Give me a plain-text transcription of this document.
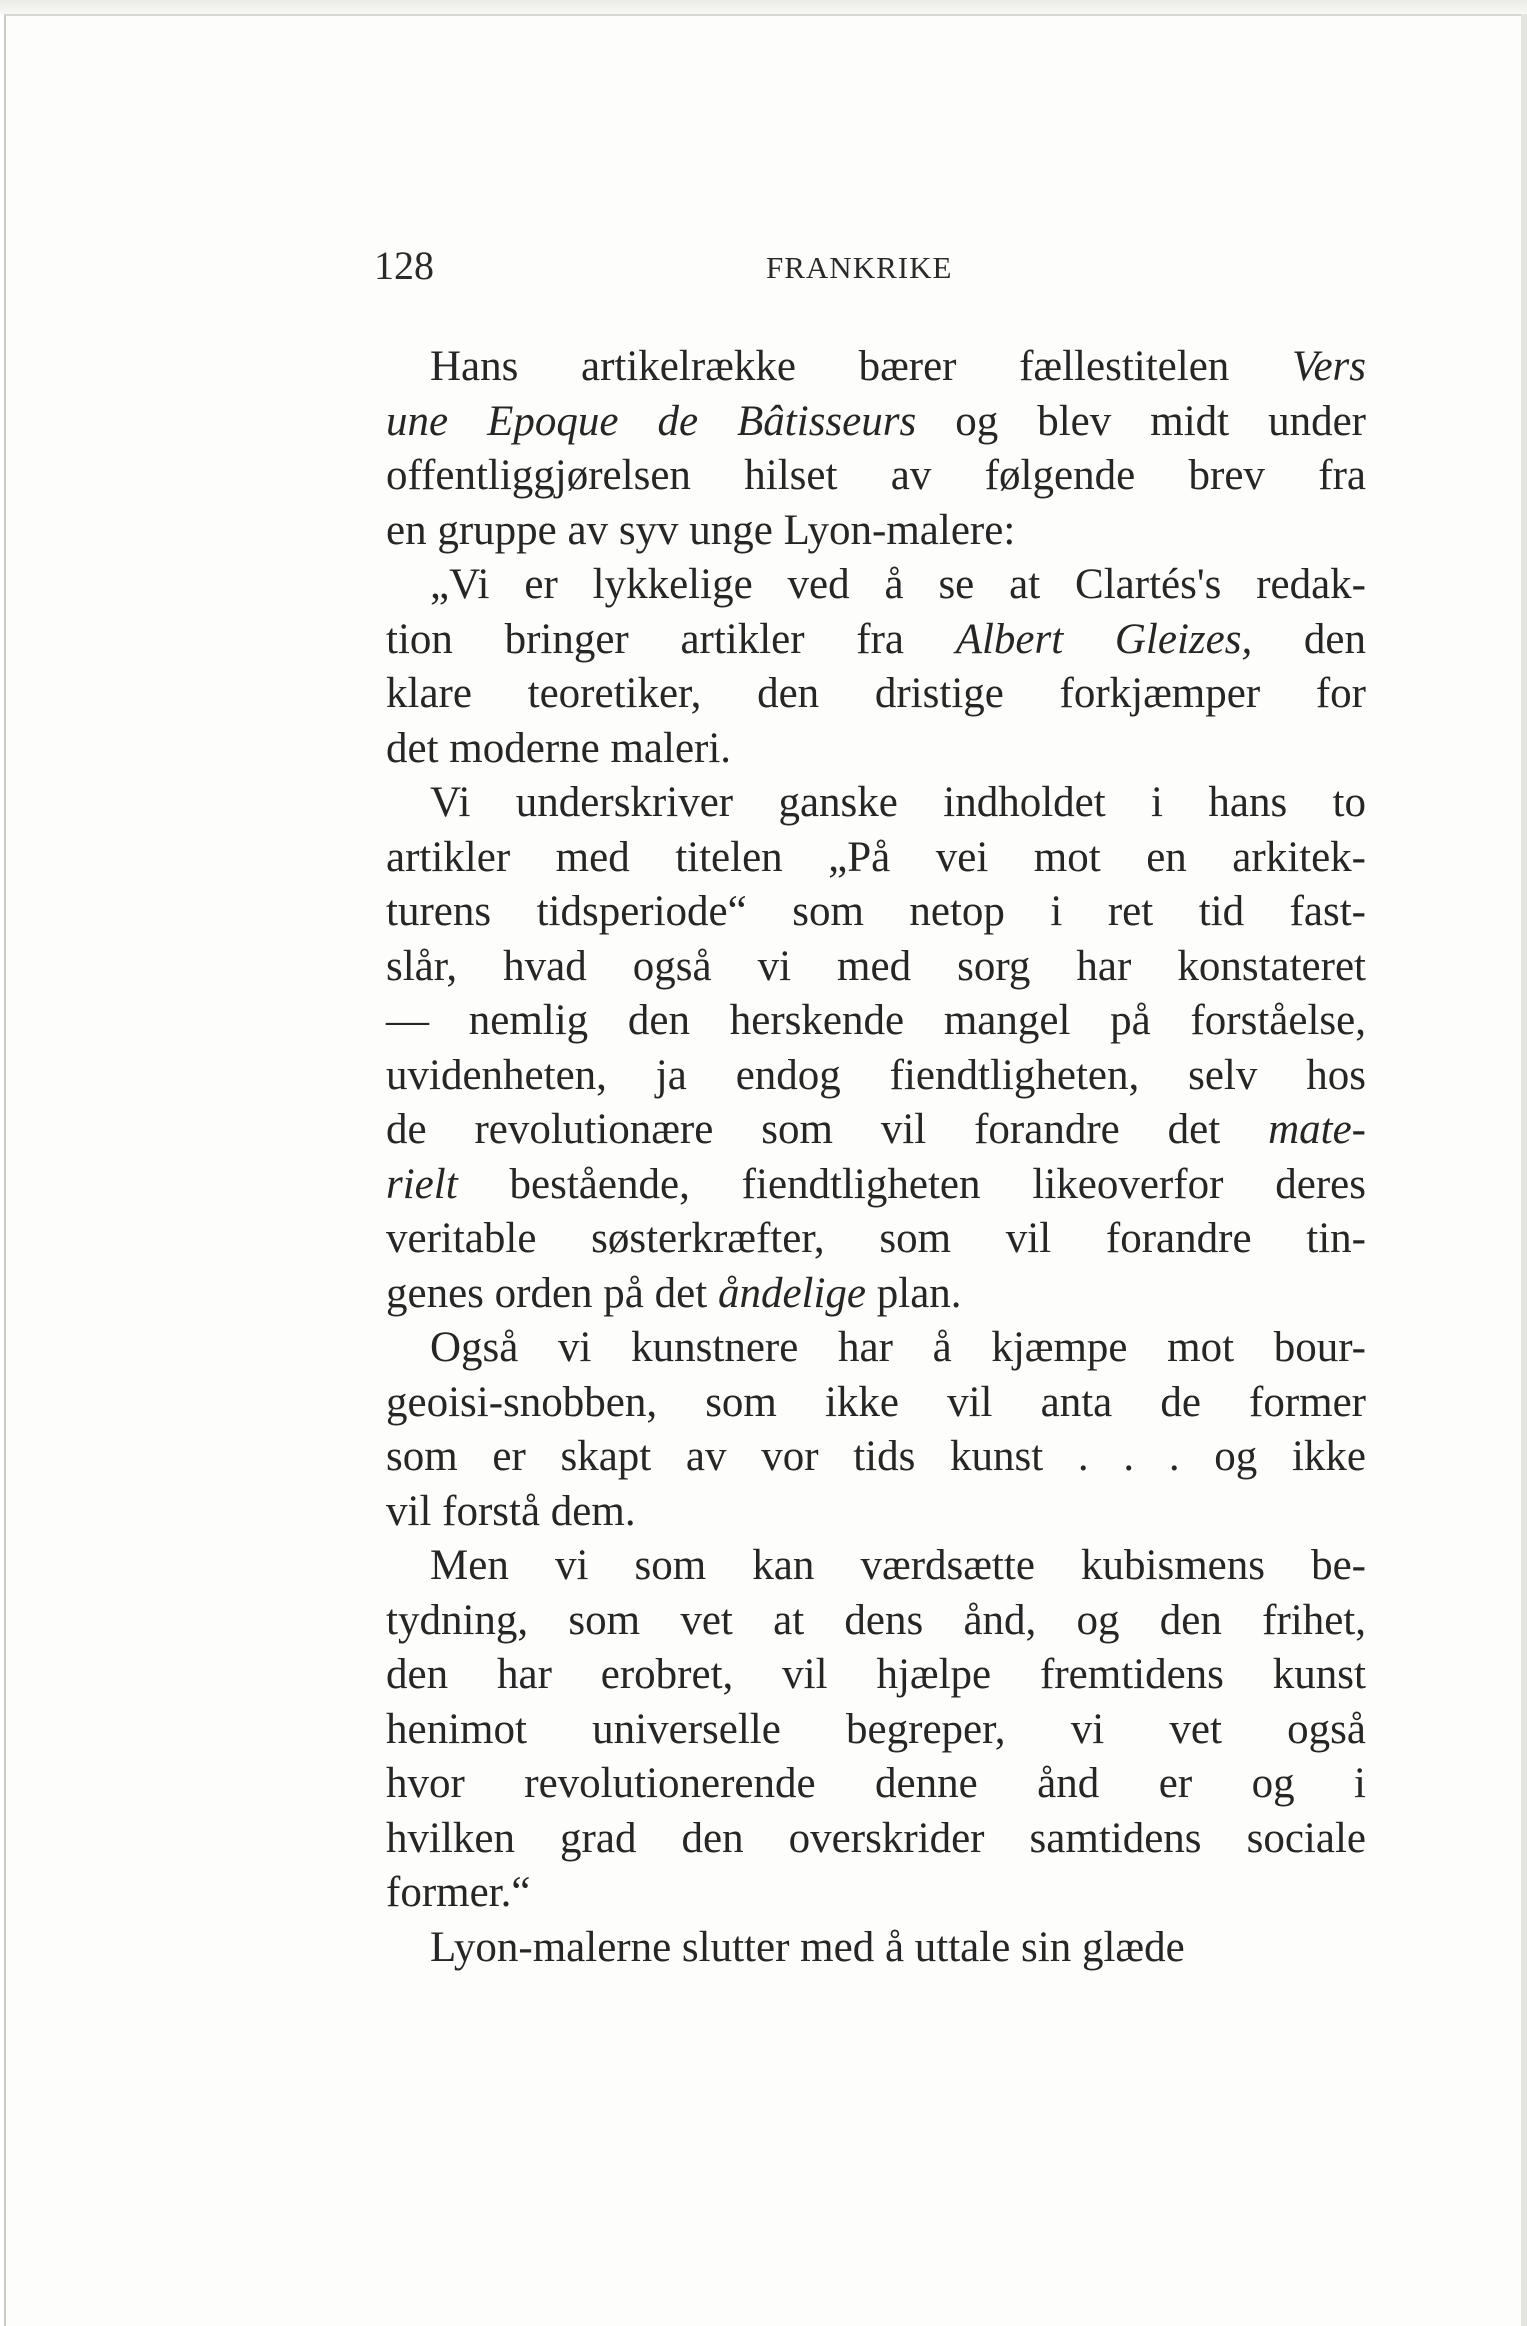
128	FRANKRIKE
Hans artikelrække bærer fællestitelen Vers
une Epoque de Bâtisseurs og blev midt under
offentliggjørelsen hilset av følgende brev fra
en gruppe av syv unge Lyon-malere:
„Vi er lykkelige ved å se at Clartés's redak-
tion bringer artikler fra Albert Gleizes, den
klare teoretiker, den dristige forkjæmper for
det moderne maleri.
Vi underskriver ganske indholdet i hans to
artikler med titelen „På vei mot en arkitek-
turens tidsperiode“ som netop i ret tid fast-
slår, hvad også vi med sorg har konstateret
— nemlig den herskende mangel på forståelse,
uvidenheten, ja endog fiendtligheten, selv hos
de revolutionære som vil forandre det mate-
rielt bestående, fiendtligheten likeoverfor deres
veritable søsterkræfter, som vil forandre tin-
genes orden på det åndelige plan.
Også vi kunstnere har å kjæmpe mot bour-
geoisi-snobben, som ikke vil anta de former
som er skapt av vor tids kunst . . . og ikke
vil forstå dem.
Men vi som kan værdsætte kubismens be-
tydning, som vet at dens ånd, og den frihet,
den har erobret, vil hjælpe fremtidens kunst
henimot universelle begreper, vi vet også
hvor revolutionerende denne ånd er og i
hvilken grad den overskrider samtidens sociale
former.“
Lyon-malerne slutter med å uttale sin glæde
